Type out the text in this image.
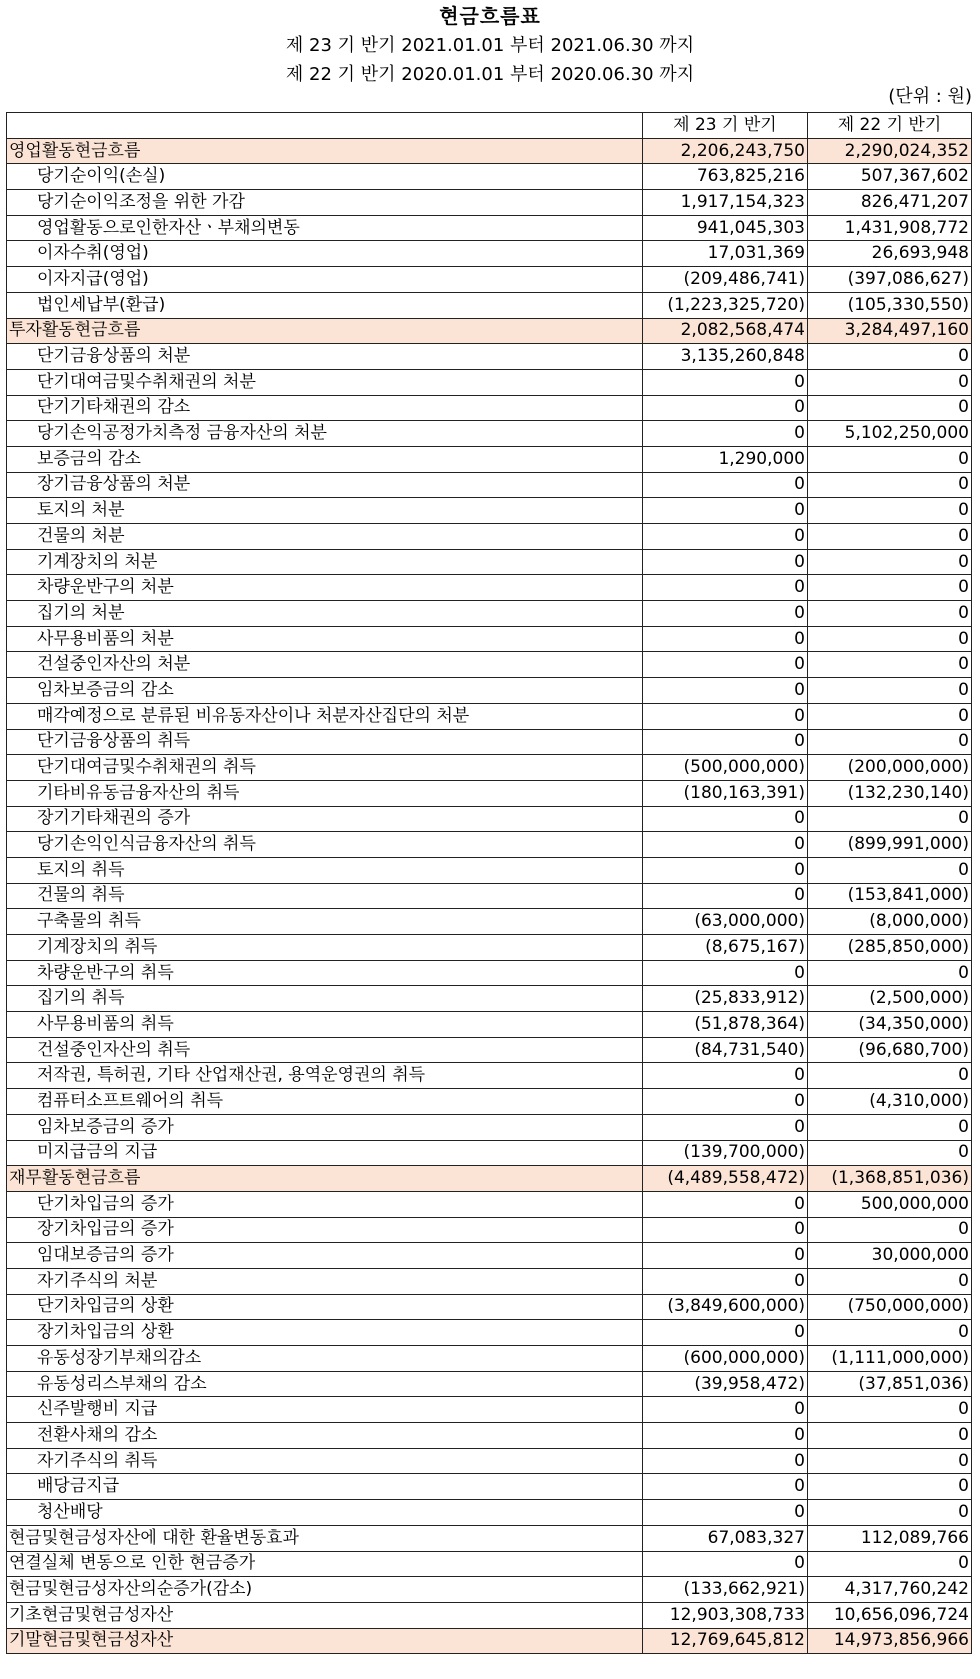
현금흐름표
제 23 기 반기 2021.01.01 부터 2021.06.30 까지
제 22 기 반기 2020.01.01 부터 2020.06.30 까지
(단위 : 원)
	제 23 기 반기	제 22 기 반기
영업활동현금흐름	2,206,243,750	2,290,024,352
당기순이익(손실)	763,825,216	507,367,602
당기순이익조정을 위한 가감	1,917,154,323	826,471,207
영업활동으로인한자산ㆍ부채의변동	941,045,303	1,431,908,772
이자수취(영업)	17,031,369	26,693,948
이자지급(영업)	(209,486,741)	(397,086,627)
법인세납부(환급)	(1,223,325,720)	(105,330,550)
투자활동현금흐름	2,082,568,474	3,284,497,160
단기금융상품의 처분	3,135,260,848	0
단기대여금및수취채권의 처분	0	0
단기기타채권의 감소	0	0
당기손익공정가치측정 금융자산의 처분	0	5,102,250,000
보증금의 감소	1,290,000	0
장기금융상품의 처분	0	0
토지의 처분	0	0
건물의 처분	0	0
기계장치의 처분	0	0
차량운반구의 처분	0	0
집기의 처분	0	0
사무용비품의 처분	0	0
건설중인자산의 처분	0	0
임차보증금의 감소	0	0
매각예정으로 분류된 비유동자산이나 처분자산집단의 처분	0	0
단기금융상품의 취득	0	0
단기대여금및수취채권의 취득	(500,000,000)	(200,000,000)
기타비유동금융자산의 취득	(180,163,391)	(132,230,140)
장기기타채권의 증가	0	0
당기손익인식금융자산의 취득	0	(899,991,000)
토지의 취득	0	0
건물의 취득	0	(153,841,000)
구축물의 취득	(63,000,000)	(8,000,000)
기계장치의 취득	(8,675,167)	(285,850,000)
차량운반구의 취득	0	0
집기의 취득	(25,833,912)	(2,500,000)
사무용비품의 취득	(51,878,364)	(34,350,000)
건설중인자산의 취득	(84,731,540)	(96,680,700)
저작권, 특허권, 기타 산업재산권, 용역운영권의 취득	0	0
컴퓨터소프트웨어의 취득	0	(4,310,000)
임차보증금의 증가	0	0
미지급금의 지급	(139,700,000)	0
재무활동현금흐름	(4,489,558,472)	(1,368,851,036)
단기차입금의 증가	0	500,000,000
장기차입금의 증가	0	0
임대보증금의 증가	0	30,000,000
자기주식의 처분	0	0
단기차입금의 상환	(3,849,600,000)	(750,000,000)
장기차입금의 상환	0	0
유동성장기부채의감소	(600,000,000)	(1,111,000,000)
유동성리스부채의 감소	(39,958,472)	(37,851,036)
신주발행비 지급	0	0
전환사채의 감소	0	0
자기주식의 취득	0	0
배당금지급	0	0
청산배당	0	0
현금및현금성자산에 대한 환율변동효과	67,083,327	112,089,766
연결실체 변동으로 인한 현금증가	0	0
현금및현금성자산의순증가(감소)	(133,662,921)	4,317,760,242
기초현금및현금성자산	12,903,308,733	10,656,096,724
기말현금및현금성자산	12,769,645,812	14,973,856,966
